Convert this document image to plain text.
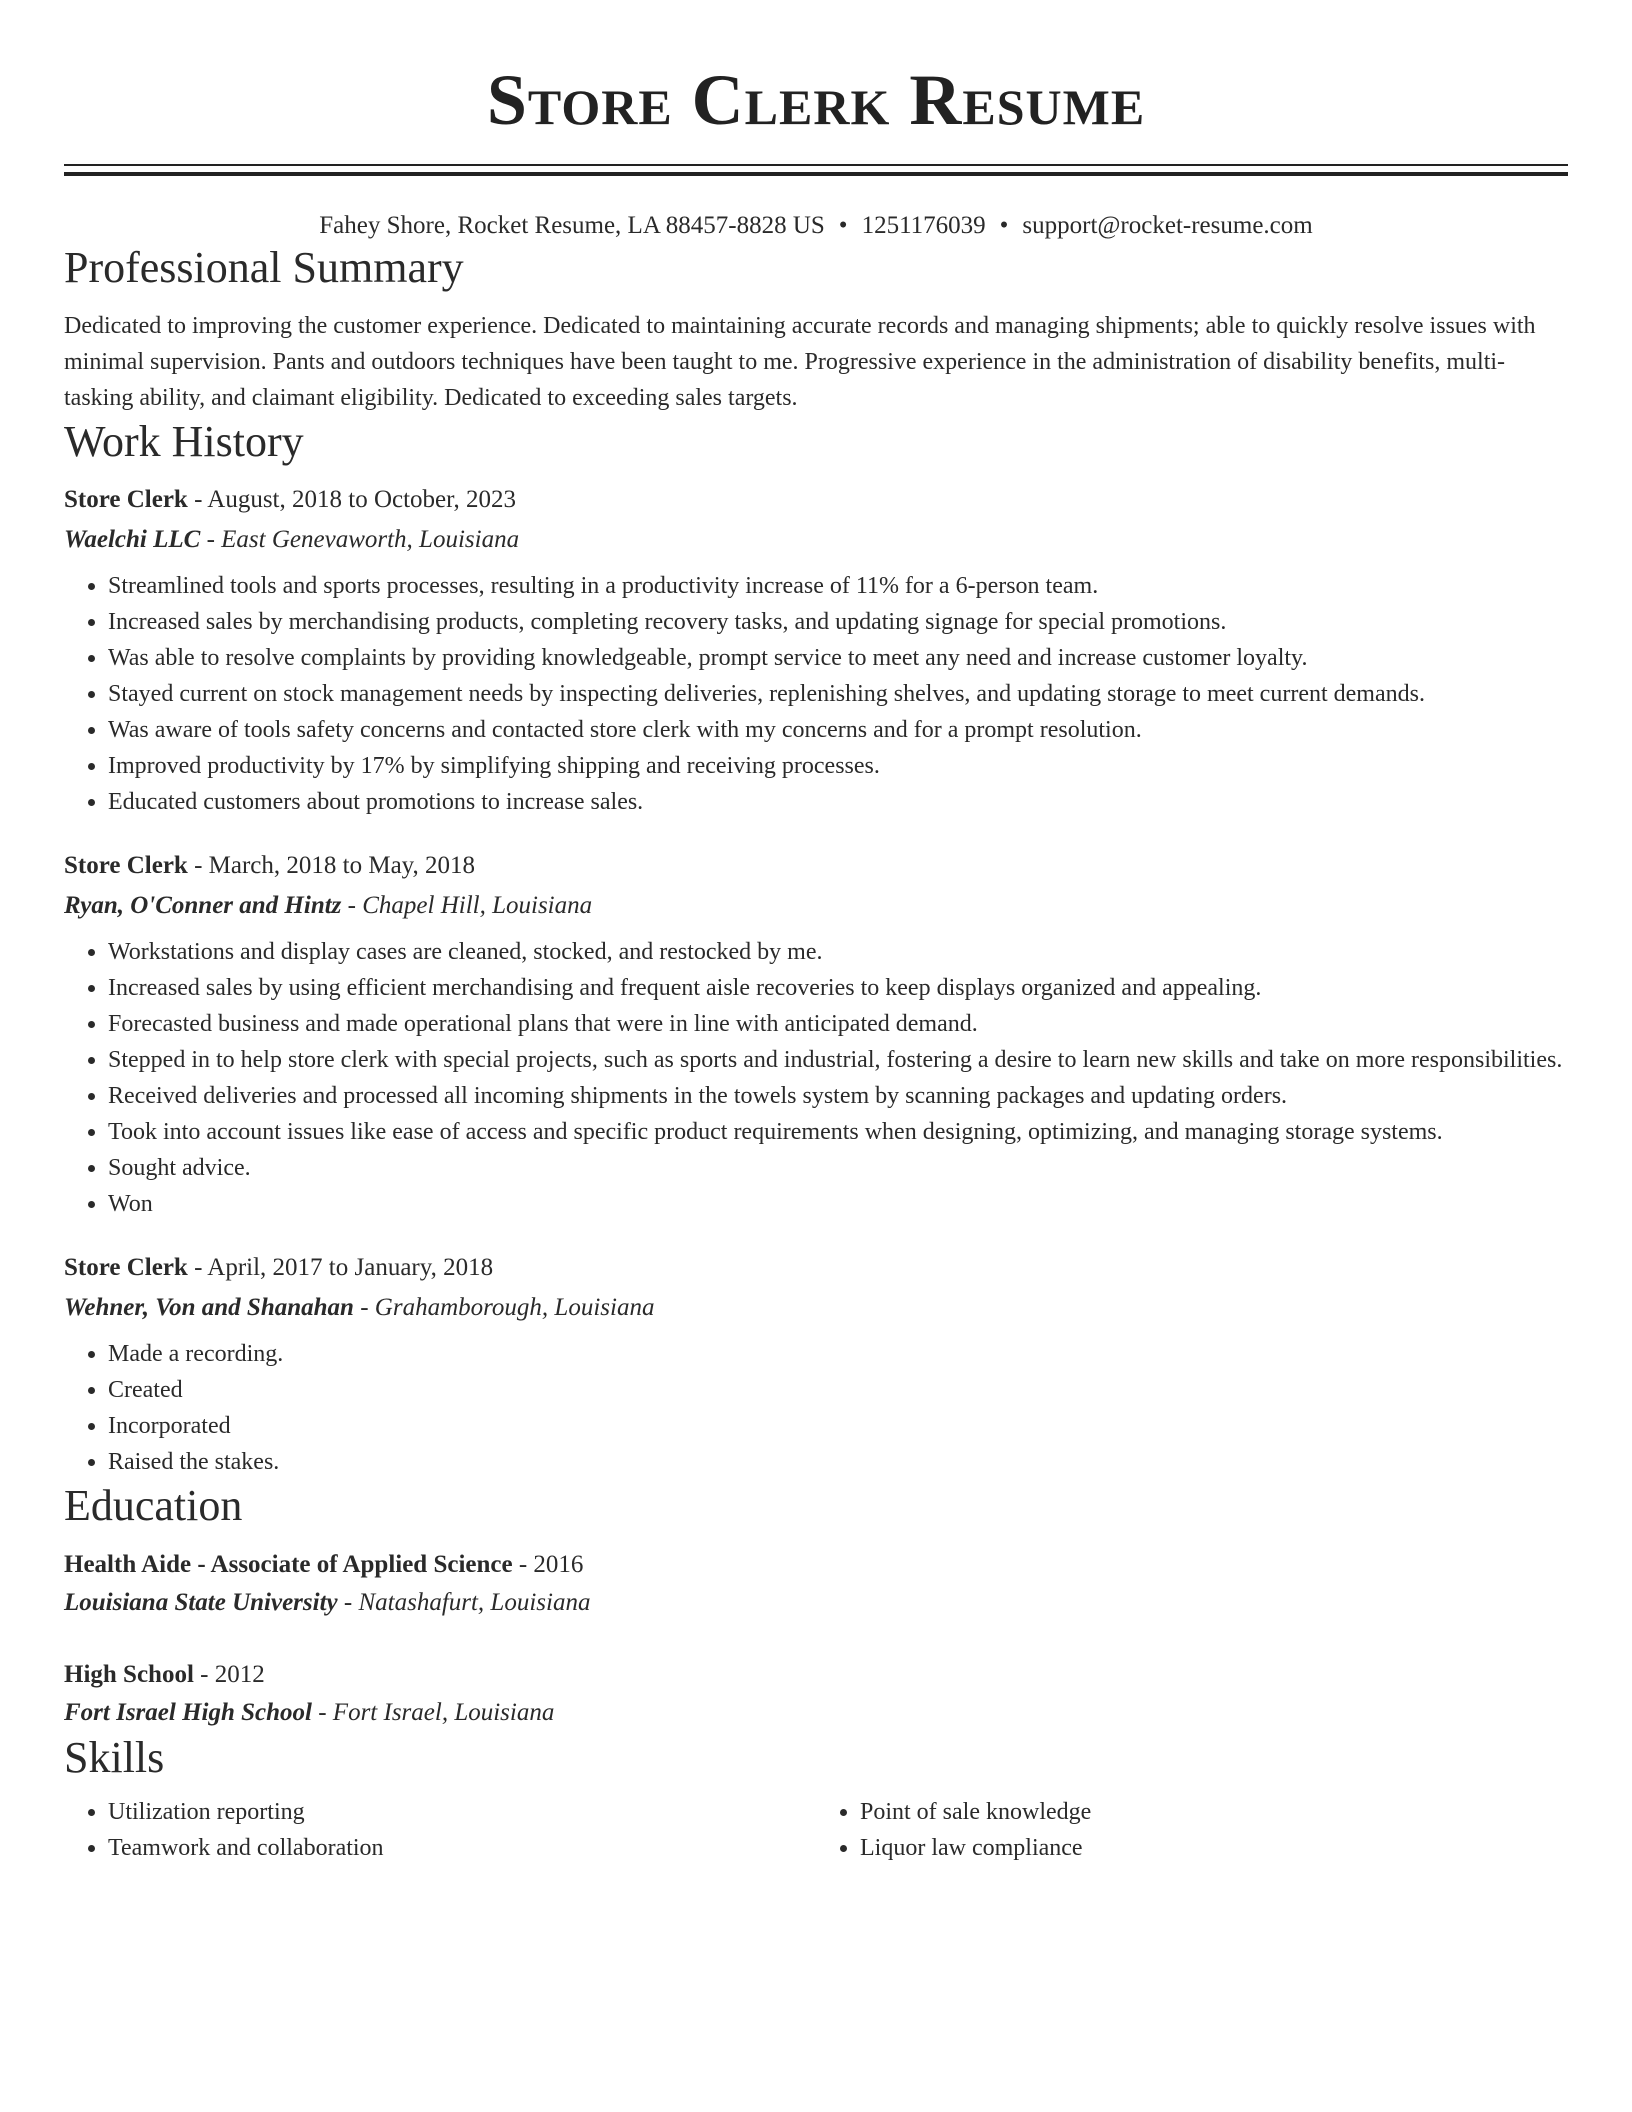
Store Clerk Resume
Fahey Shore, Rocket Resume, LA 88457-8828 US • 1251176039 • support@rocket-resume.com
Professional Summary
Dedicated to improving the customer experience. Dedicated to maintaining accurate records and managing shipments; able to quickly resolve issues with minimal supervision. Pants and outdoors techniques have been taught to me. Progressive experience in the administration of disability benefits, multi-tasking ability, and claimant eligibility. Dedicated to exceeding sales targets.
Work History
Store Clerk - August, 2018 to October, 2023
Waelchi LLC - East Genevaworth, Louisiana
• Streamlined tools and sports processes, resulting in a productivity increase of 11% for a 6-person team.
• Increased sales by merchandising products, completing recovery tasks, and updating signage for special promotions.
• Was able to resolve complaints by providing knowledgeable, prompt service to meet any need and increase customer loyalty.
• Stayed current on stock management needs by inspecting deliveries, replenishing shelves, and updating storage to meet current demands.
• Was aware of tools safety concerns and contacted store clerk with my concerns and for a prompt resolution.
• Improved productivity by 17% by simplifying shipping and receiving processes.
• Educated customers about promotions to increase sales.
Store Clerk - March, 2018 to May, 2018
Ryan, O'Conner and Hintz - Chapel Hill, Louisiana
• Workstations and display cases are cleaned, stocked, and restocked by me.
• Increased sales by using efficient merchandising and frequent aisle recoveries to keep displays organized and appealing.
• Forecasted business and made operational plans that were in line with anticipated demand.
• Stepped in to help store clerk with special projects, such as sports and industrial, fostering a desire to learn new skills and take on more responsibilities.
• Received deliveries and processed all incoming shipments in the towels system by scanning packages and updating orders.
• Took into account issues like ease of access and specific product requirements when designing, optimizing, and managing storage systems.
• Sought advice.
• Won
Store Clerk - April, 2017 to January, 2018
Wehner, Von and Shanahan - Grahamborough, Louisiana
• Made a recording.
• Created
• Incorporated
• Raised the stakes.
Education
Health Aide - Associate of Applied Science - 2016
Louisiana State University - Natashafurt, Louisiana
High School - 2012
Fort Israel High School - Fort Israel, Louisiana
Skills
• Utilization reporting
• Teamwork and collaboration
• Point of sale knowledge
• Liquor law compliance
